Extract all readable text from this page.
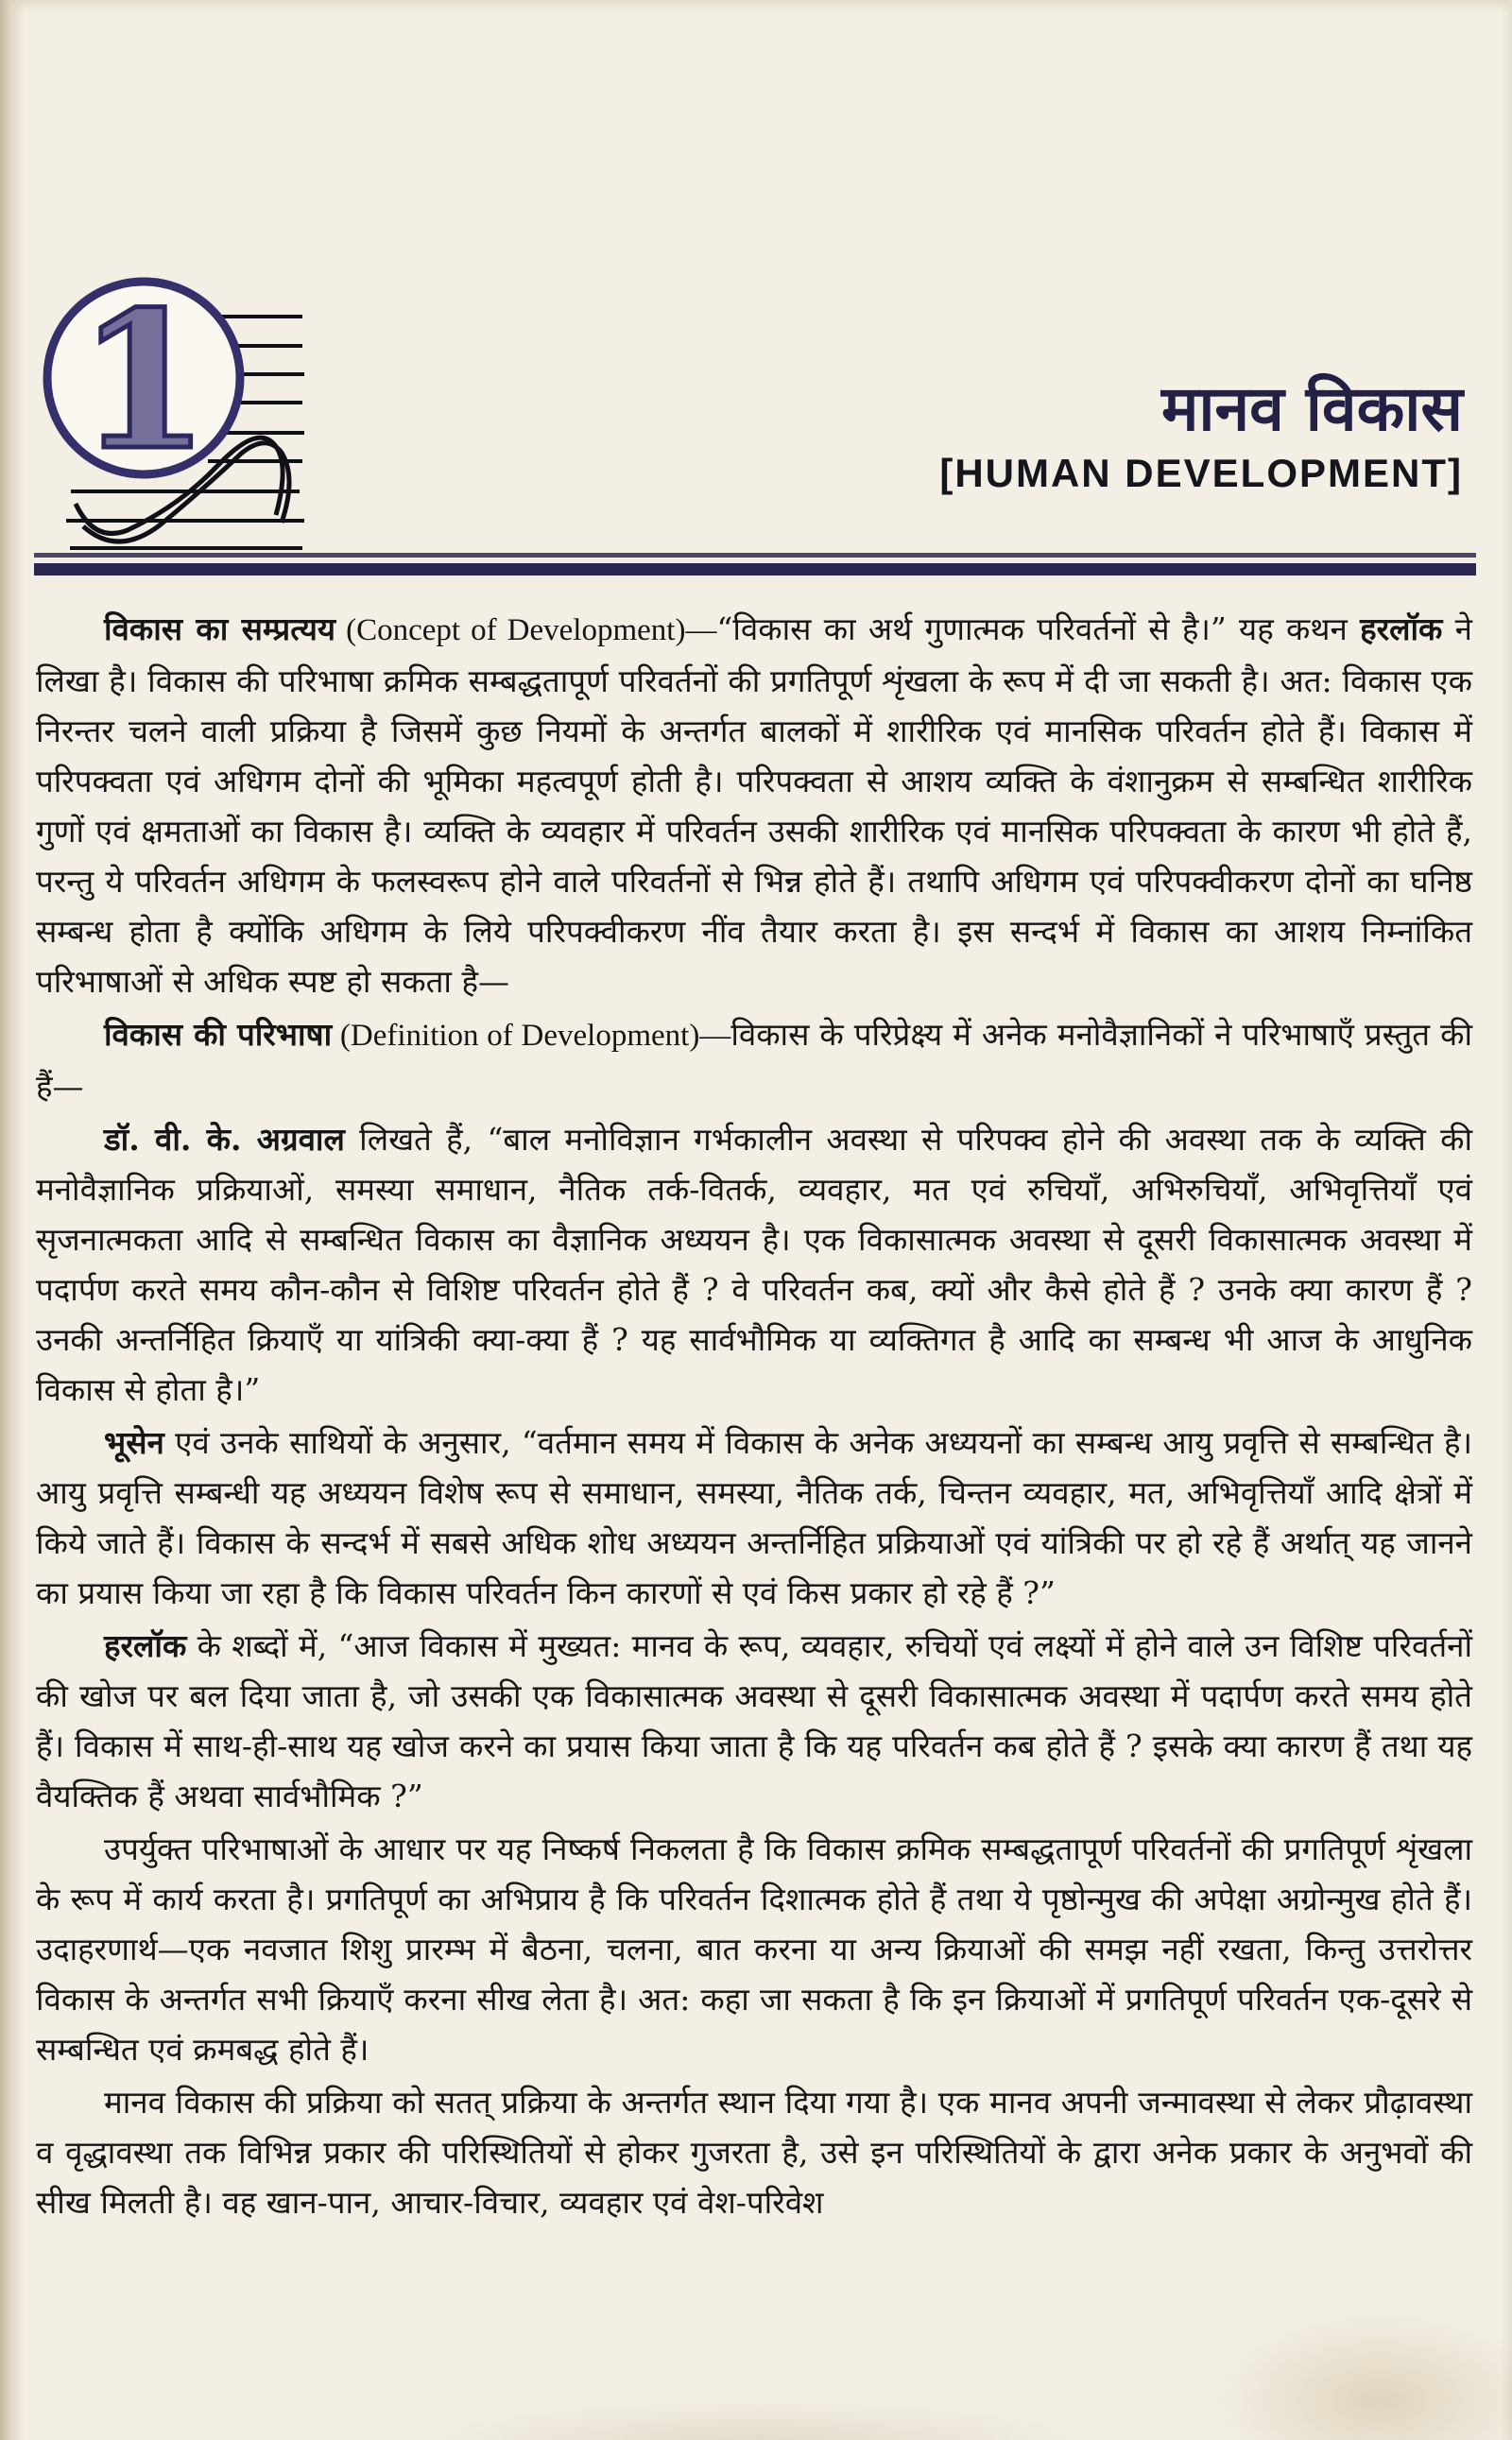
1	मानव विकास
[HUMAN DEVELOPMENT]

विकास का सम्प्रत्यय (Concept of Development)—“विकास का अर्थ गुणात्मक परिवर्तनों से है।” यह कथन हरलॉक ने लिखा है। विकास की परिभाषा क्रमिक सम्बद्धतापूर्ण परिवर्तनों की प्रगतिपूर्ण शृंखला के रूप में दी जा सकती है। अत: विकास एक निरन्तर चलने वाली प्रक्रिया है जिसमें कुछ नियमों के अन्तर्गत बालकों में शारीरिक एवं मानसिक परिवर्तन होते हैं। विकास में परिपक्वता एवं अधिगम दोनों की भूमिका महत्वपूर्ण होती है। परिपक्वता से आशय व्यक्ति के वंशानुक्रम से सम्बन्धित शारीरिक गुणों एवं क्षमताओं का विकास है। व्यक्ति के व्यवहार में परिवर्तन उसकी शारीरिक एवं मानसिक परिपक्वता के कारण भी होते हैं, परन्तु ये परिवर्तन अधिगम के फलस्वरूप होने वाले परिवर्तनों से भिन्न होते हैं। तथापि अधिगम एवं परिपक्वीकरण दोनों का घनिष्ठ सम्बन्ध होता है क्योंकि अधिगम के लिये परिपक्वीकरण नींव तैयार करता है। इस सन्दर्भ में विकास का आशय निम्नांकित परिभाषाओं से अधिक स्पष्ट हो सकता है—

विकास की परिभाषा (Definition of Development)—विकास के परिप्रेक्ष्य में अनेक मनोवैज्ञानिकों ने परिभाषाएँ प्रस्तुत की हैं—

डॉ. वी. के. अग्रवाल लिखते हैं, “बाल मनोविज्ञान गर्भकालीन अवस्था से परिपक्व होने की अवस्था तक के व्यक्ति की मनोवैज्ञानिक प्रक्रियाओं, समस्या समाधान, नैतिक तर्क-वितर्क, व्यवहार, मत एवं रुचियाँ, अभिरुचियाँ, अभिवृत्तियाँ एवं सृजनात्मकता आदि से सम्बन्धित विकास का वैज्ञानिक अध्ययन है। एक विकासात्मक अवस्था से दूसरी विकासात्मक अवस्था में पदार्पण करते समय कौन-कौन से विशिष्ट परिवर्तन होते हैं ? वे परिवर्तन कब, क्यों और कैसे होते हैं ? उनके क्या कारण हैं ? उनकी अन्तर्निहित क्रियाएँ या यांत्रिकी क्या-क्या हैं ? यह सार्वभौमिक या व्यक्तिगत है आदि का सम्बन्ध भी आज के आधुनिक विकास से होता है।”

भूसेन एवं उनके साथियों के अनुसार, “वर्तमान समय में विकास के अनेक अध्ययनों का सम्बन्ध आयु प्रवृत्ति से सम्बन्धित है। आयु प्रवृत्ति सम्बन्धी यह अध्ययन विशेष रूप से समाधान, समस्या, नैतिक तर्क, चिन्तन व्यवहार, मत, अभिवृत्तियाँ आदि क्षेत्रों में किये जाते हैं। विकास के सन्दर्भ में सबसे अधिक शोध अध्ययन अन्तर्निहित प्रक्रियाओं एवं यांत्रिकी पर हो रहे हैं अर्थात् यह जानने का प्रयास किया जा रहा है कि विकास परिवर्तन किन कारणों से एवं किस प्रकार हो रहे हैं ?”

हरलॉक के शब्दों में, “आज विकास में मुख्यत: मानव के रूप, व्यवहार, रुचियों एवं लक्ष्यों में होने वाले उन विशिष्ट परिवर्तनों की खोज पर बल दिया जाता है, जो उसकी एक विकासात्मक अवस्था से दूसरी विकासात्मक अवस्था में पदार्पण करते समय होते हैं। विकास में साथ-ही-साथ यह खोज करने का प्रयास किया जाता है कि यह परिवर्तन कब होते हैं ? इसके क्या कारण हैं तथा यह वैयक्तिक हैं अथवा सार्वभौमिक ?”

उपर्युक्त परिभाषाओं के आधार पर यह निष्कर्ष निकलता है कि विकास क्रमिक सम्बद्धतापूर्ण परिवर्तनों की प्रगतिपूर्ण शृंखला के रूप में कार्य करता है। प्रगतिपूर्ण का अभिप्राय है कि परिवर्तन दिशात्मक होते हैं तथा ये पृष्ठोन्मुख की अपेक्षा अग्रोन्मुख होते हैं। उदाहरणार्थ—एक नवजात शिशु प्रारम्भ में बैठना, चलना, बात करना या अन्य क्रियाओं की समझ नहीं रखता, किन्तु उत्तरोत्तर विकास के अन्तर्गत सभी क्रियाएँ करना सीख लेता है। अत: कहा जा सकता है कि इन क्रियाओं में प्रगतिपूर्ण परिवर्तन एक-दूसरे से सम्बन्धित एवं क्रमबद्ध होते हैं।

मानव विकास की प्रक्रिया को सतत् प्रक्रिया के अन्तर्गत स्थान दिया गया है। एक मानव अपनी जन्मावस्था से लेकर प्रौढ़ावस्था व वृद्धावस्था तक विभिन्न प्रकार की परिस्थितियों से होकर गुजरता है, उसे इन परिस्थितियों के द्वारा अनेक प्रकार के अनुभवों की सीख मिलती है। वह खान-पान, आचार-विचार, व्यवहार एवं वेश-परिवेश
